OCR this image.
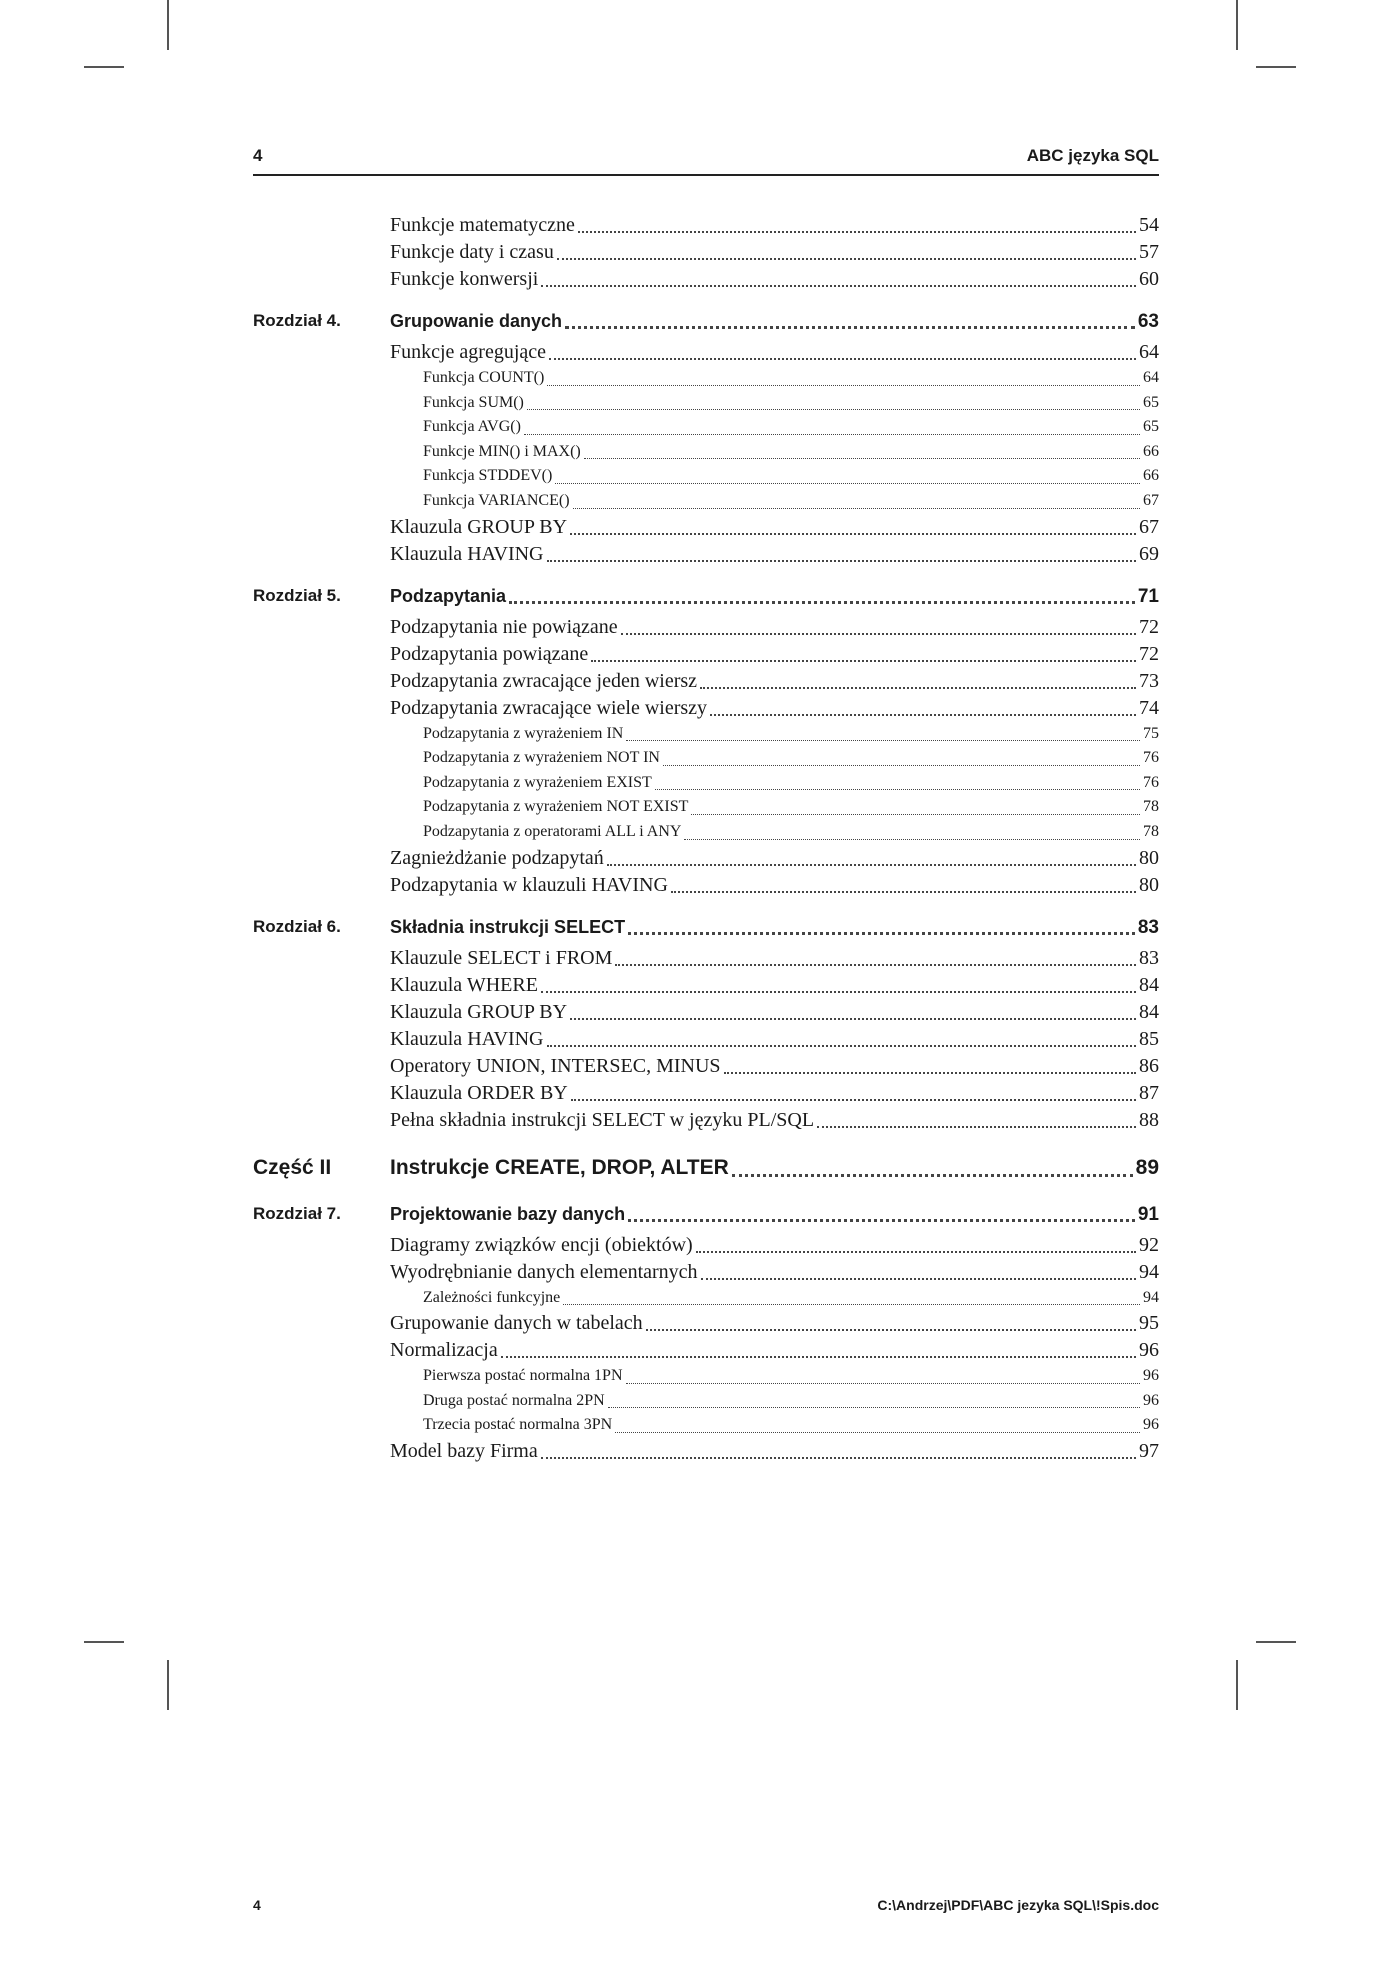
4	ABC języka SQL
Funkcje matematyczne	54
Funkcje daty i czasu	57
Funkcje konwersji	60
Rozdział 4.	Grupowanie danych	63
Funkcje agregujące	64
Funkcja COUNT()	64
Funkcja SUM()	65
Funkcja AVG()	65
Funkcje MIN() i MAX()	66
Funkcja STDDEV()	66
Funkcja VARIANCE()	67
Klauzula GROUP BY	67
Klauzula HAVING	69
Rozdział 5.	Podzapytania	71
Podzapytania nie powiązane	72
Podzapytania powiązane	72
Podzapytania zwracające jeden wiersz	73
Podzapytania zwracające wiele wierszy	74
Podzapytania z wyrażeniem IN	75
Podzapytania z wyrażeniem NOT IN	76
Podzapytania z wyrażeniem EXIST	76
Podzapytania z wyrażeniem NOT EXIST	78
Podzapytania z operatorami ALL i ANY	78
Zagnieżdżanie podzapytań	80
Podzapytania w klauzuli HAVING	80
Rozdział 6.	Składnia instrukcji SELECT	83
Klauzule SELECT i FROM	83
Klauzula WHERE	84
Klauzula GROUP BY	84
Klauzula HAVING	85
Operatory UNION, INTERSEC, MINUS	86
Klauzula ORDER BY	87
Pełna składnia instrukcji SELECT w języku PL/SQL	88
Część II	Instrukcje CREATE, DROP, ALTER	89
Rozdział 7.	Projektowanie bazy danych	91
Diagramy związków encji (obiektów)	92
Wyodrębnianie danych elementarnych	94
Zależności funkcyjne	94
Grupowanie danych w tabelach	95
Normalizacja	96
Pierwsza postać normalna 1PN	96
Druga postać normalna 2PN	96
Trzecia postać normalna 3PN	96
Model bazy Firma	97
4	C:\Andrzej\PDF\ABC jezyka SQL\!Spis.doc
